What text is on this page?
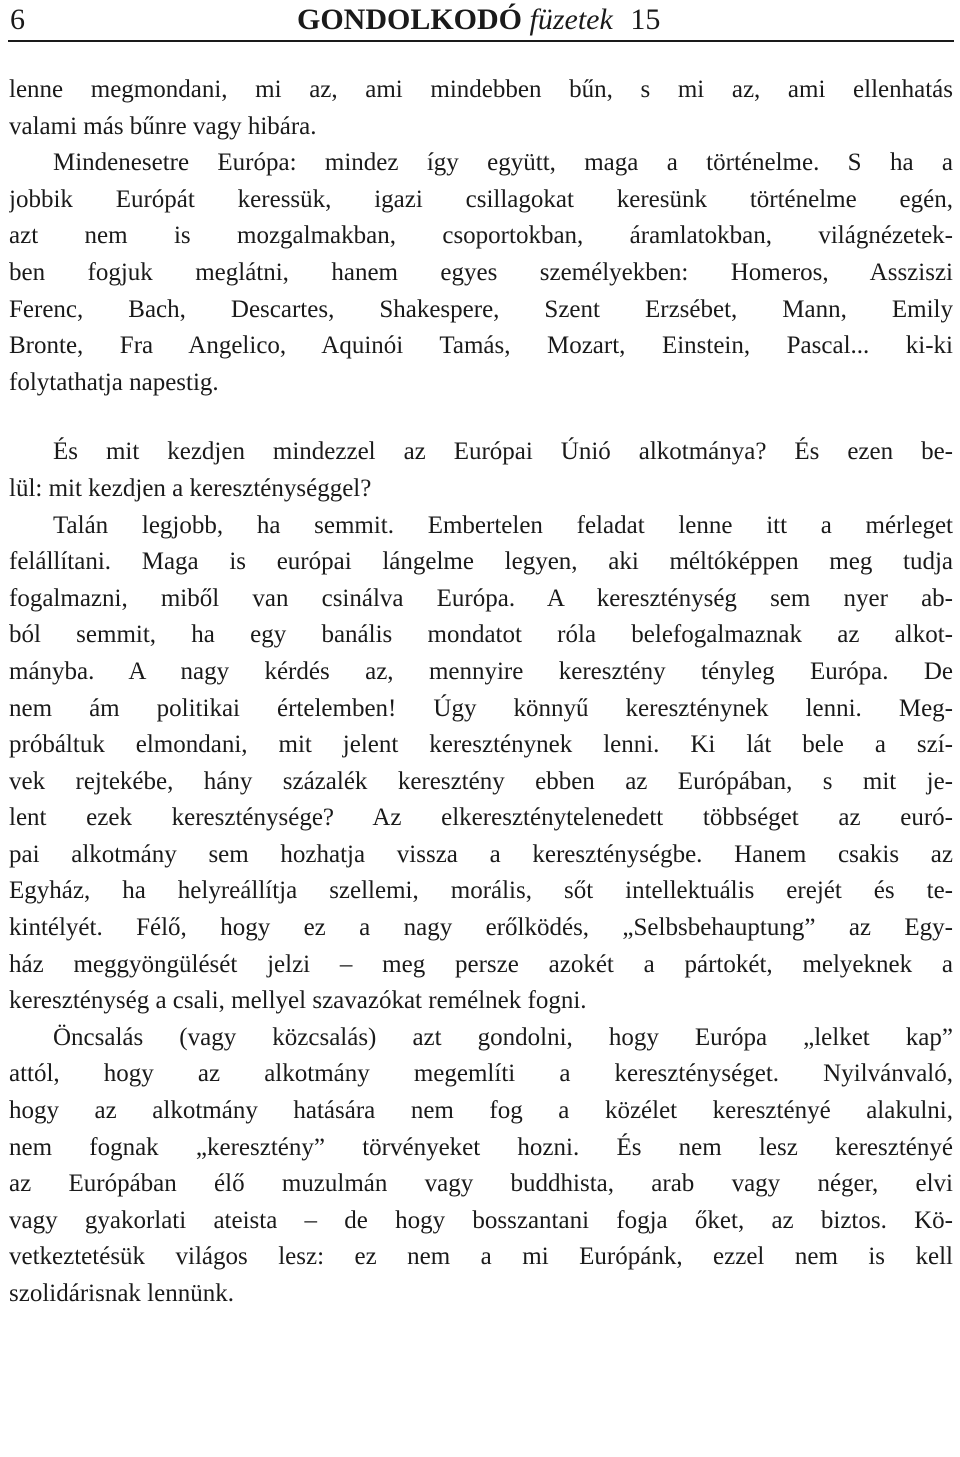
6	GONDOLKODÓ füzetek 15

lenne megmondani, mi az, ami mindebben bűn, s mi az, ami ellenhatás
valami más bűnre vagy hibára.

Mindenesetre Európa: mindez így együtt, maga a történelme. S ha a
jobbik Európát keressük, igazi csillagokat keresünk történelme egén,
azt nem is mozgalmakban, csoportokban, áramlatokban, világnézetek-
ben fogjuk meglátni, hanem egyes személyekben: Homeros, Assziszi
Ferenc, Bach, Descartes, Shakespere, Szent Erzsébet, Mann, Emily
Bronte, Fra Angelico, Aquinói Tamás, Mozart, Einstein, Pascal... ki-ki
folytathatja napestig.

És mit kezdjen mindezzel az Európai Únió alkotmánya? És ezen be-
lül: mit kezdjen a kereszténységgel?

Talán legjobb, ha semmit. Embertelen feladat lenne itt a mérleget
felállítani. Maga is európai lángelme legyen, aki méltóképpen meg tudja
fogalmazni, miből van csinálva Európa. A kereszténység sem nyer ab-
ból semmit, ha egy banális mondatot róla belefogalmaznak az alkot-
mányba. A nagy kérdés az, mennyire keresztény tényleg Európa. De
nem ám politikai értelemben! Úgy könnyű kereszténynek lenni. Meg-
próbáltuk elmondani, mit jelent kereszténynek lenni. Ki lát bele a szí-
vek rejtekébe, hány százalék keresztény ebben az Európában, s mit je-
lent ezek kereszténysége? Az elkereszténytelenedett többséget az euró-
pai alkotmány sem hozhatja vissza a kereszténységbe. Hanem csakis az
Egyház, ha helyreállítja szellemi, morális, sőt intellektuális erejét és te-
kintélyét. Félő, hogy ez a nagy erőlködés, „Selbsbehauptung” az Egy-
ház meggyöngülését jelzi – meg persze azokét a pártokét, melyeknek a
kereszténység a csali, mellyel szavazókat remélnek fogni.

Öncsalás (vagy közcsalás) azt gondolni, hogy Európa „lelket kap”
attól, hogy az alkotmány megemlíti a kereszténységet. Nyilvánvaló,
hogy az alkotmány hatására nem fog a közélet keresztényé alakulni,
nem fognak „keresztény” törvényeket hozni. És nem lesz keresztényé
az Európában élő muzulmán vagy buddhista, arab vagy néger, elvi
vagy gyakorlati ateista – de hogy bosszantani fogja őket, az biztos. Kö-
vetkeztetésük világos lesz: ez nem a mi Európánk, ezzel nem is kell
szolidárisnak lennünk.
